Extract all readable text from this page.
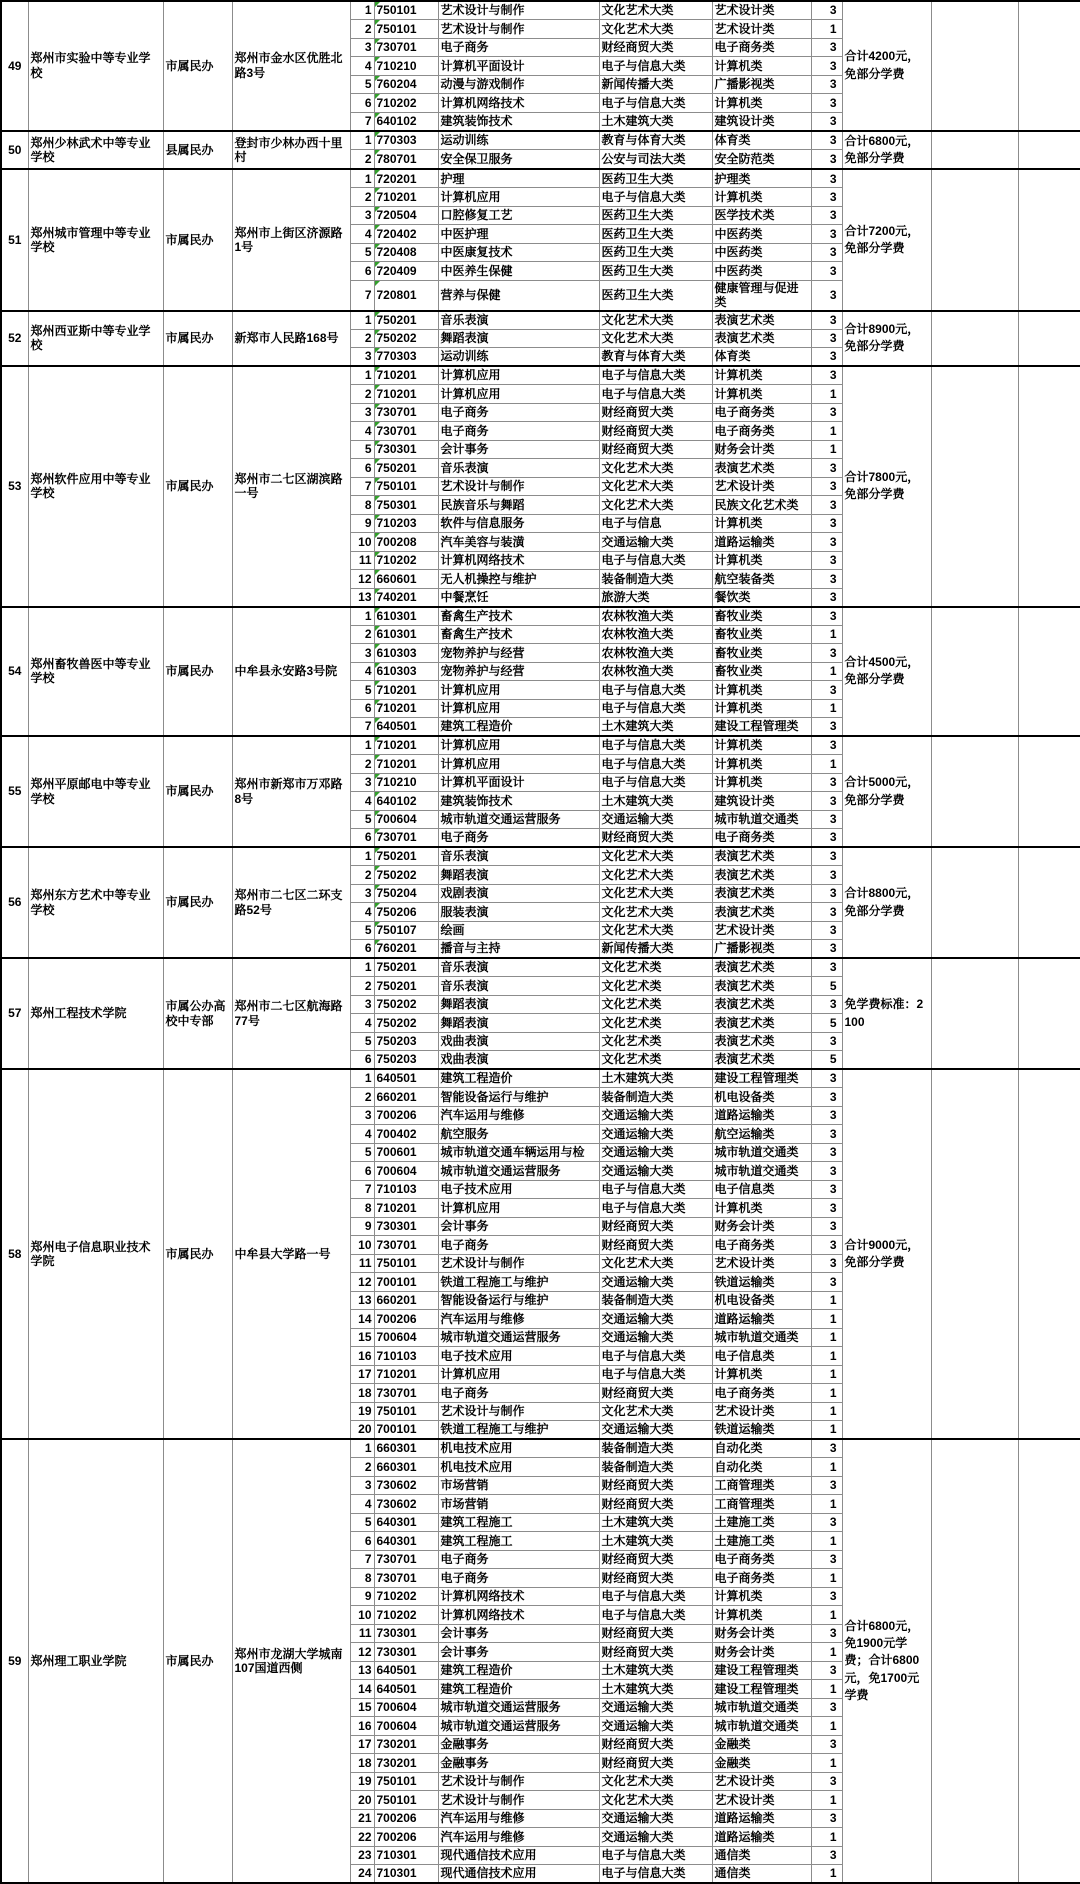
49	郑州市实验中等专业学校	市属民办	郑州市金水区优胜北路3号	1	750101	艺术设计与制作	文化艺术大类	艺术设计类	3	合计4200元，免部分学费		
				2	750101	艺术设计与制作	文化艺术大类	艺术设计类	1			
				3	730701	电子商务	财经商贸大类	电子商务类	3			
				4	710210	计算机平面设计	电子与信息大类	计算机类	3			
				5	760204	动漫与游戏制作	新闻传播大类	广播影视类	3			
				6	710202	计算机网络技术	电子与信息大类	计算机类	3			
				7	640102	建筑装饰技术	土木建筑大类	建筑设计类	3			
50	郑州少林武术中等专业学校	县属民办	登封市少林办西十里村	1	770303	运动训练	教育与体育大类	体育类	3	合计6800元，免部分学费		
				2	780701	安全保卫服务	公安与司法大类	安全防范类	3			
51	郑州城市管理中等专业学校	市属民办	郑州市上街区济源路1号	1	720201	护理	医药卫生大类	护理类	3	合计7200元，免部分学费		
				2	710201	计算机应用	电子与信息大类	计算机类	3			
				3	720504	口腔修复工艺	医药卫生大类	医学技术类	3			
				4	720402	中医护理	医药卫生大类	中医药类	3			
				5	720408	中医康复技术	医药卫生大类	中医药类	3			
				6	720409	中医养生保健	医药卫生大类	中医药类	3			
				7	720801	营养与保健	医药卫生大类	健康管理与促进类	3			
52	郑州西亚斯中等专业学校	市属民办	新郑市人民路168号	1	750201	音乐表演	文化艺术大类	表演艺术类	3	合计8900元，免部分学费		
				2	750202	舞蹈表演	文化艺术大类	表演艺术类	3			
				3	770303	运动训练	教育与体育大类	体育类	3			
53	郑州软件应用中等专业学校	市属民办	郑州市二七区湖滨路一号	1	710201	计算机应用	电子与信息大类	计算机类	3	合计7800元，免部分学费		
				2	710201	计算机应用	电子与信息大类	计算机类	1			
				3	730701	电子商务	财经商贸大类	电子商务类	3			
				4	730701	电子商务	财经商贸大类	电子商务类	1			
				5	730301	会计事务	财经商贸大类	财务会计类	1			
				6	750201	音乐表演	文化艺术大类	表演艺术类	3			
				7	750101	艺术设计与制作	文化艺术大类	艺术设计类	3			
				8	750301	民族音乐与舞蹈	文化艺术大类	民族文化艺术类	3			
				9	710203	软件与信息服务	电子与信息	计算机类	3			
				10	700208	汽车美容与装潢	交通运输大类	道路运输类	3			
				11	710202	计算机网络技术	电子与信息大类	计算机类	3			
				12	660601	无人机操控与维护	装备制造大类	航空装备类	3			
				13	740201	中餐烹饪	旅游大类	餐饮类	3			
54	郑州畜牧兽医中等专业学校	市属民办	中牟县永安路3号院	1	610301	畜禽生产技术	农林牧渔大类	畜牧业类	3	合计4500元，免部分学费		
				2	610301	畜禽生产技术	农林牧渔大类	畜牧业类	1			
				3	610303	宠物养护与经营	农林牧渔大类	畜牧业类	3			
				4	610303	宠物养护与经营	农林牧渔大类	畜牧业类	1			
				5	710201	计算机应用	电子与信息大类	计算机类	3			
				6	710201	计算机应用	电子与信息大类	计算机类	1			
				7	640501	建筑工程造价	土木建筑大类	建设工程管理类	3			
55	郑州平原邮电中等专业学校	市属民办	郑州市新郑市万邓路8号	1	710201	计算机应用	电子与信息大类	计算机类	3	合计5000元，免部分学费		
				2	710201	计算机应用	电子与信息大类	计算机类	1			
				3	710210	计算机平面设计	电子与信息大类	计算机类	3			
				4	640102	建筑装饰技术	土木建筑大类	建筑设计类	3			
				5	700604	城市轨道交通运营服务	交通运输大类	城市轨道交通类	3			
				6	730701	电子商务	财经商贸大类	电子商务类	3			
56	郑州东方艺术中等专业学校	市属民办	郑州市二七区二环支路52号	1	750201	音乐表演	文化艺术大类	表演艺术类	3	合计8800元，免部分学费		
				2	750202	舞蹈表演	文化艺术大类	表演艺术类	3			
				3	750204	戏剧表演	文化艺术大类	表演艺术类	3			
				4	750206	服装表演	文化艺术大类	表演艺术类	3			
				5	750107	绘画	文化艺术大类	艺术设计类	3			
				6	760201	播音与主持	新闻传播大类	广播影视类	3			
57	郑州工程技术学院	市属公办高校中专部	郑州市二七区航海路77号	1	750201	音乐表演	文化艺术类	表演艺术类	3	免学费标准：2100		
				2	750201	音乐表演	文化艺术类	表演艺术类	5			
				3	750202	舞蹈表演	文化艺术类	表演艺术类	3			
				4	750202	舞蹈表演	文化艺术类	表演艺术类	5			
				5	750203	戏曲表演	文化艺术类	表演艺术类	3			
				6	750203	戏曲表演	文化艺术类	表演艺术类	5			
58	郑州电子信息职业技术学院	市属民办	中牟县大学路一号	1	640501	建筑工程造价	土木建筑大类	建设工程管理类	3	合计9000元，免部分学费		
				2	660201	智能设备运行与维护	装备制造大类	机电设备类	3			
				3	700206	汽车运用与维修	交通运输大类	道路运输类	3			
				4	700402	航空服务	交通运输大类	航空运输类	3			
				5	700601	城市轨道交通车辆运用与检	交通运输大类	城市轨道交通类	3			
				6	700604	城市轨道交通运营服务	交通运输大类	城市轨道交通类	3			
				7	710103	电子技术应用	电子与信息大类	电子信息类	3			
				8	710201	计算机应用	电子与信息大类	计算机类	3			
				9	730301	会计事务	财经商贸大类	财务会计类	3			
				10	730701	电子商务	财经商贸大类	电子商务类	3			
				11	750101	艺术设计与制作	文化艺术大类	艺术设计类	3			
				12	700101	铁道工程施工与维护	交通运输大类	铁道运输类	3			
				13	660201	智能设备运行与维护	装备制造大类	机电设备类	1			
				14	700206	汽车运用与维修	交通运输大类	道路运输类	1			
				15	700604	城市轨道交通运营服务	交通运输大类	城市轨道交通类	1			
				16	710103	电子技术应用	电子与信息大类	电子信息类	1			
				17	710201	计算机应用	电子与信息大类	计算机类	1			
				18	730701	电子商务	财经商贸大类	电子商务类	1			
				19	750101	艺术设计与制作	文化艺术大类	艺术设计类	1			
				20	700101	铁道工程施工与维护	交通运输大类	铁道运输类	1			
59	郑州理工职业学院	市属民办	郑州市龙湖大学城南107国道西侧	1	660301	机电技术应用	装备制造大类	自动化类	3	合计6800元，免1900元学费；合计6800元，免1700元学费		
				2	660301	机电技术应用	装备制造大类	自动化类	1			
				3	730602	市场营销	财经商贸大类	工商管理类	3			
				4	730602	市场营销	财经商贸大类	工商管理类	1			
				5	640301	建筑工程施工	土木建筑大类	土建施工类	3			
				6	640301	建筑工程施工	土木建筑大类	土建施工类	1			
				7	730701	电子商务	财经商贸大类	电子商务类	3			
				8	730701	电子商务	财经商贸大类	电子商务类	1			
				9	710202	计算机网络技术	电子与信息大类	计算机类	3			
				10	710202	计算机网络技术	电子与信息大类	计算机类	1			
				11	730301	会计事务	财经商贸大类	财务会计类	3			
				12	730301	会计事务	财经商贸大类	财务会计类	1			
				13	640501	建筑工程造价	土木建筑大类	建设工程管理类	3			
				14	640501	建筑工程造价	土木建筑大类	建设工程管理类	1			
				15	700604	城市轨道交通运营服务	交通运输大类	城市轨道交通类	3			
				16	700604	城市轨道交通运营服务	交通运输大类	城市轨道交通类	1			
				17	730201	金融事务	财经商贸大类	金融类	3			
				18	730201	金融事务	财经商贸大类	金融类	1			
				19	750101	艺术设计与制作	文化艺术大类	艺术设计类	3			
				20	750101	艺术设计与制作	文化艺术大类	艺术设计类	1			
				21	700206	汽车运用与维修	交通运输大类	道路运输类	3			
				22	700206	汽车运用与维修	交通运输大类	道路运输类	1			
				23	710301	现代通信技术应用	电子与信息大类	通信类	3			
				24	710301	现代通信技术应用	电子与信息大类	通信类	1			
